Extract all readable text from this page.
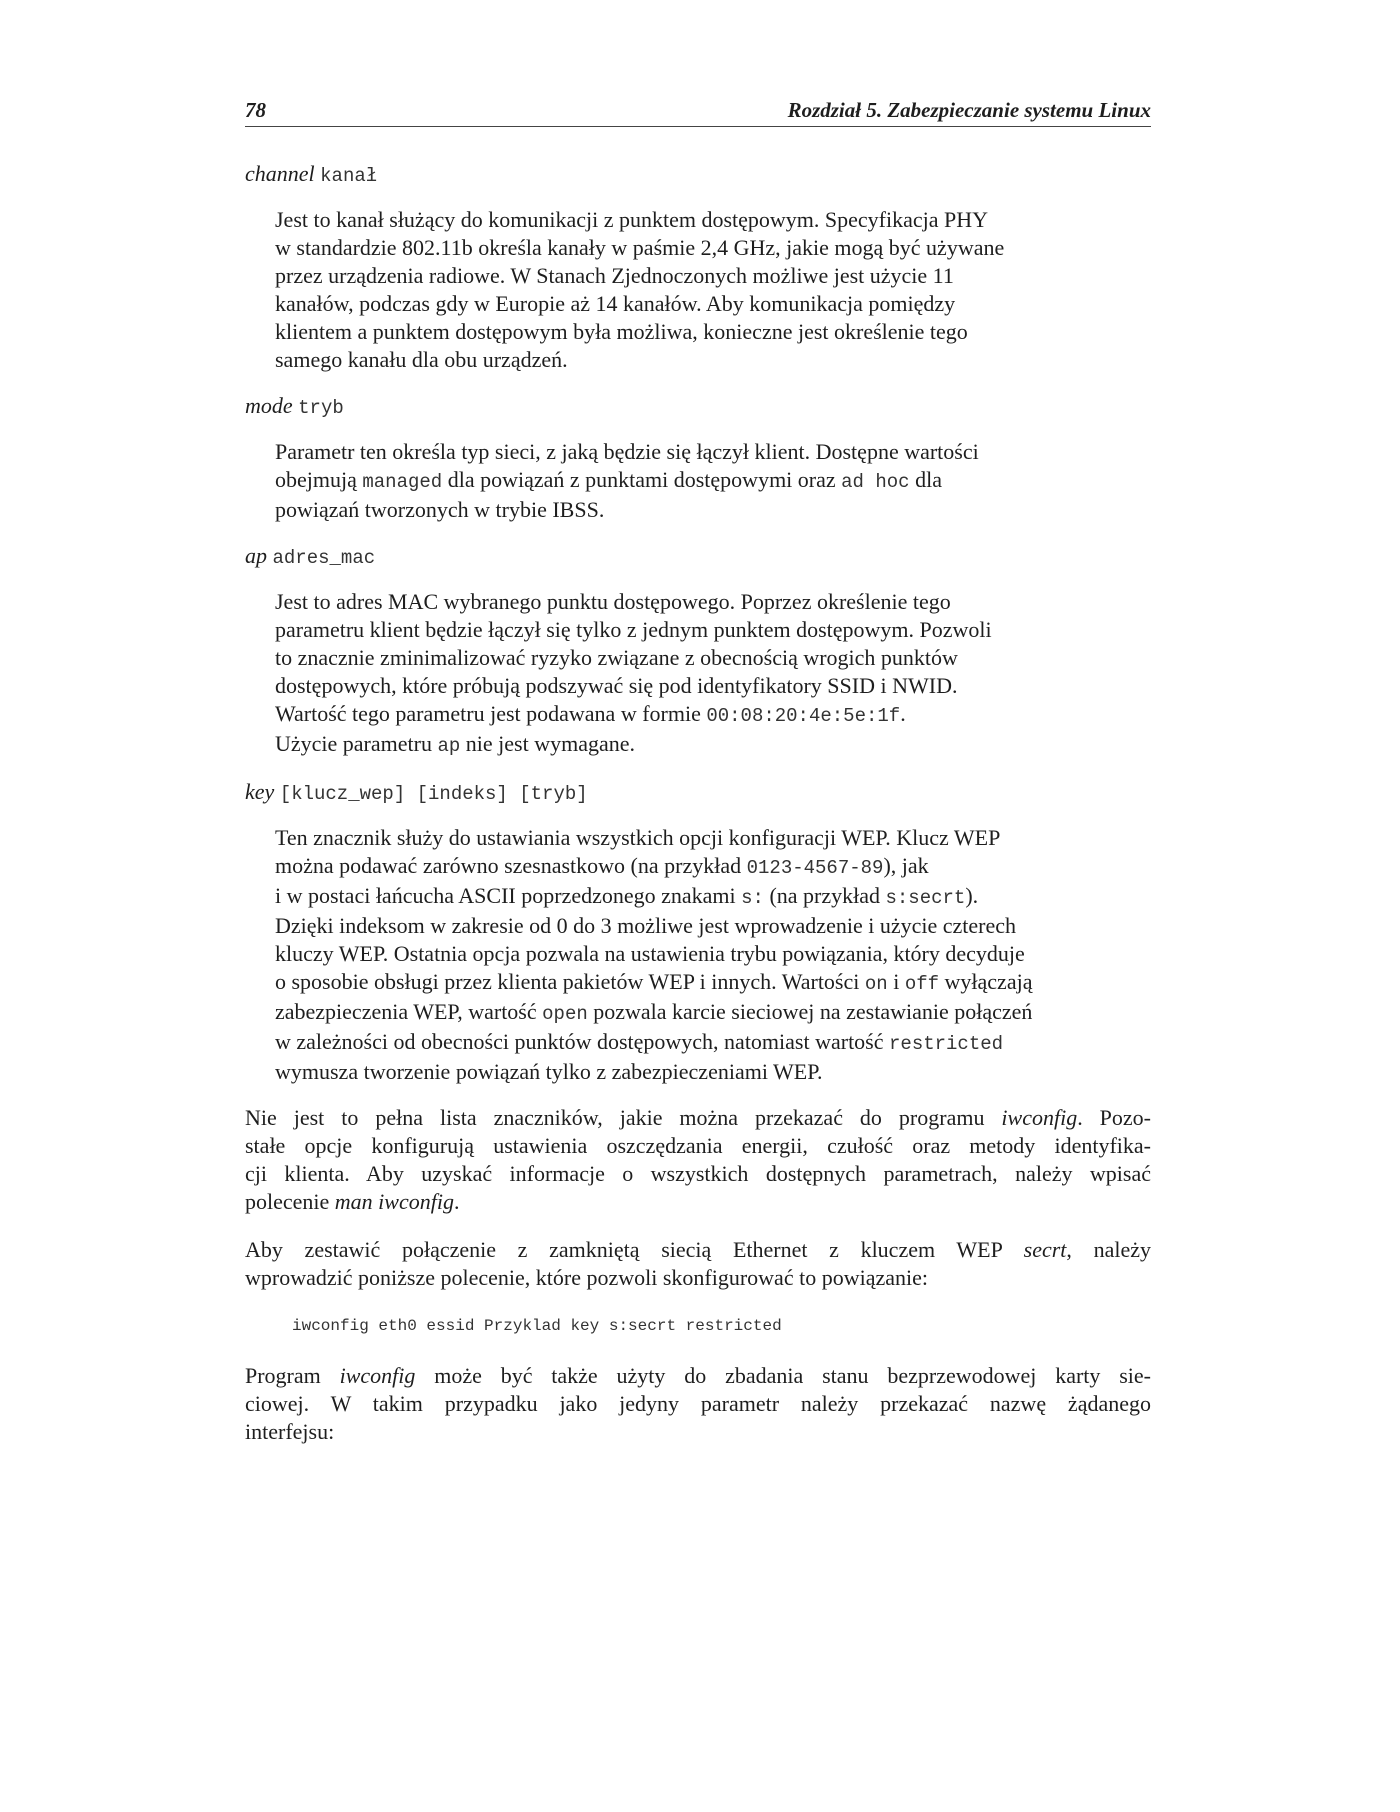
78	Rozdział 5. Zabezpieczanie systemu Linux
channel kanał
Jest to kanał służący do komunikacji z punktem dostępowym. Specyfikacja PHY
w standardzie 802.11b określa kanały w paśmie 2,4 GHz, jakie mogą być używane
przez urządzenia radiowe. W Stanach Zjednoczonych możliwe jest użycie 11
kanałów, podczas gdy w Europie aż 14 kanałów. Aby komunikacja pomiędzy
klientem a punktem dostępowym była możliwa, konieczne jest określenie tego
samego kanału dla obu urządzeń.
mode tryb
Parametr ten określa typ sieci, z jaką będzie się łączył klient. Dostępne wartości
obejmują managed dla powiązań z punktami dostępowymi oraz ad hoc dla
powiązań tworzonych w trybie IBSS.
ap adres_mac
Jest to adres MAC wybranego punktu dostępowego. Poprzez określenie tego
parametru klient będzie łączył się tylko z jednym punktem dostępowym. Pozwoli
to znacznie zminimalizować ryzyko związane z obecnością wrogich punktów
dostępowych, które próbują podszywać się pod identyfikatory SSID i NWID.
Wartość tego parametru jest podawana w formie 00:08:20:4e:5e:1f.
Użycie parametru ap nie jest wymagane.
key [klucz_wep] [indeks] [tryb]
Ten znacznik służy do ustawiania wszystkich opcji konfiguracji WEP. Klucz WEP
można podawać zarówno szesnastkowo (na przykład 0123-4567-89), jak
i w postaci łańcucha ASCII poprzedzonego znakami s: (na przykład s:secrt).
Dzięki indeksom w zakresie od 0 do 3 możliwe jest wprowadzenie i użycie czterech
kluczy WEP. Ostatnia opcja pozwala na ustawienia trybu powiązania, który decyduje
o sposobie obsługi przez klienta pakietów WEP i innych. Wartości on i off wyłączają
zabezpieczenia WEP, wartość open pozwala karcie sieciowej na zestawianie połączeń
w zależności od obecności punktów dostępowych, natomiast wartość restricted
wymusza tworzenie powiązań tylko z zabezpieczeniami WEP.
Nie jest to pełna lista znaczników, jakie można przekazać do programu iwconfig. Pozo-
stałe opcje konfigurują ustawienia oszczędzania energii, czułość oraz metody identyfika-
cji klienta. Aby uzyskać informacje o wszystkich dostępnych parametrach, należy wpisać
polecenie man iwconfig.
Aby zestawić połączenie z zamkniętą siecią Ethernet z kluczem WEP secrt, należy
wprowadzić poniższe polecenie, które pozwoli skonfigurować to powiązanie:
iwconfig eth0 essid Przyklad key s:secrt restricted
Program iwconfig może być także użyty do zbadania stanu bezprzewodowej karty sie-
ciowej. W takim przypadku jako jedyny parametr należy przekazać nazwę żądanego
interfejsu:
